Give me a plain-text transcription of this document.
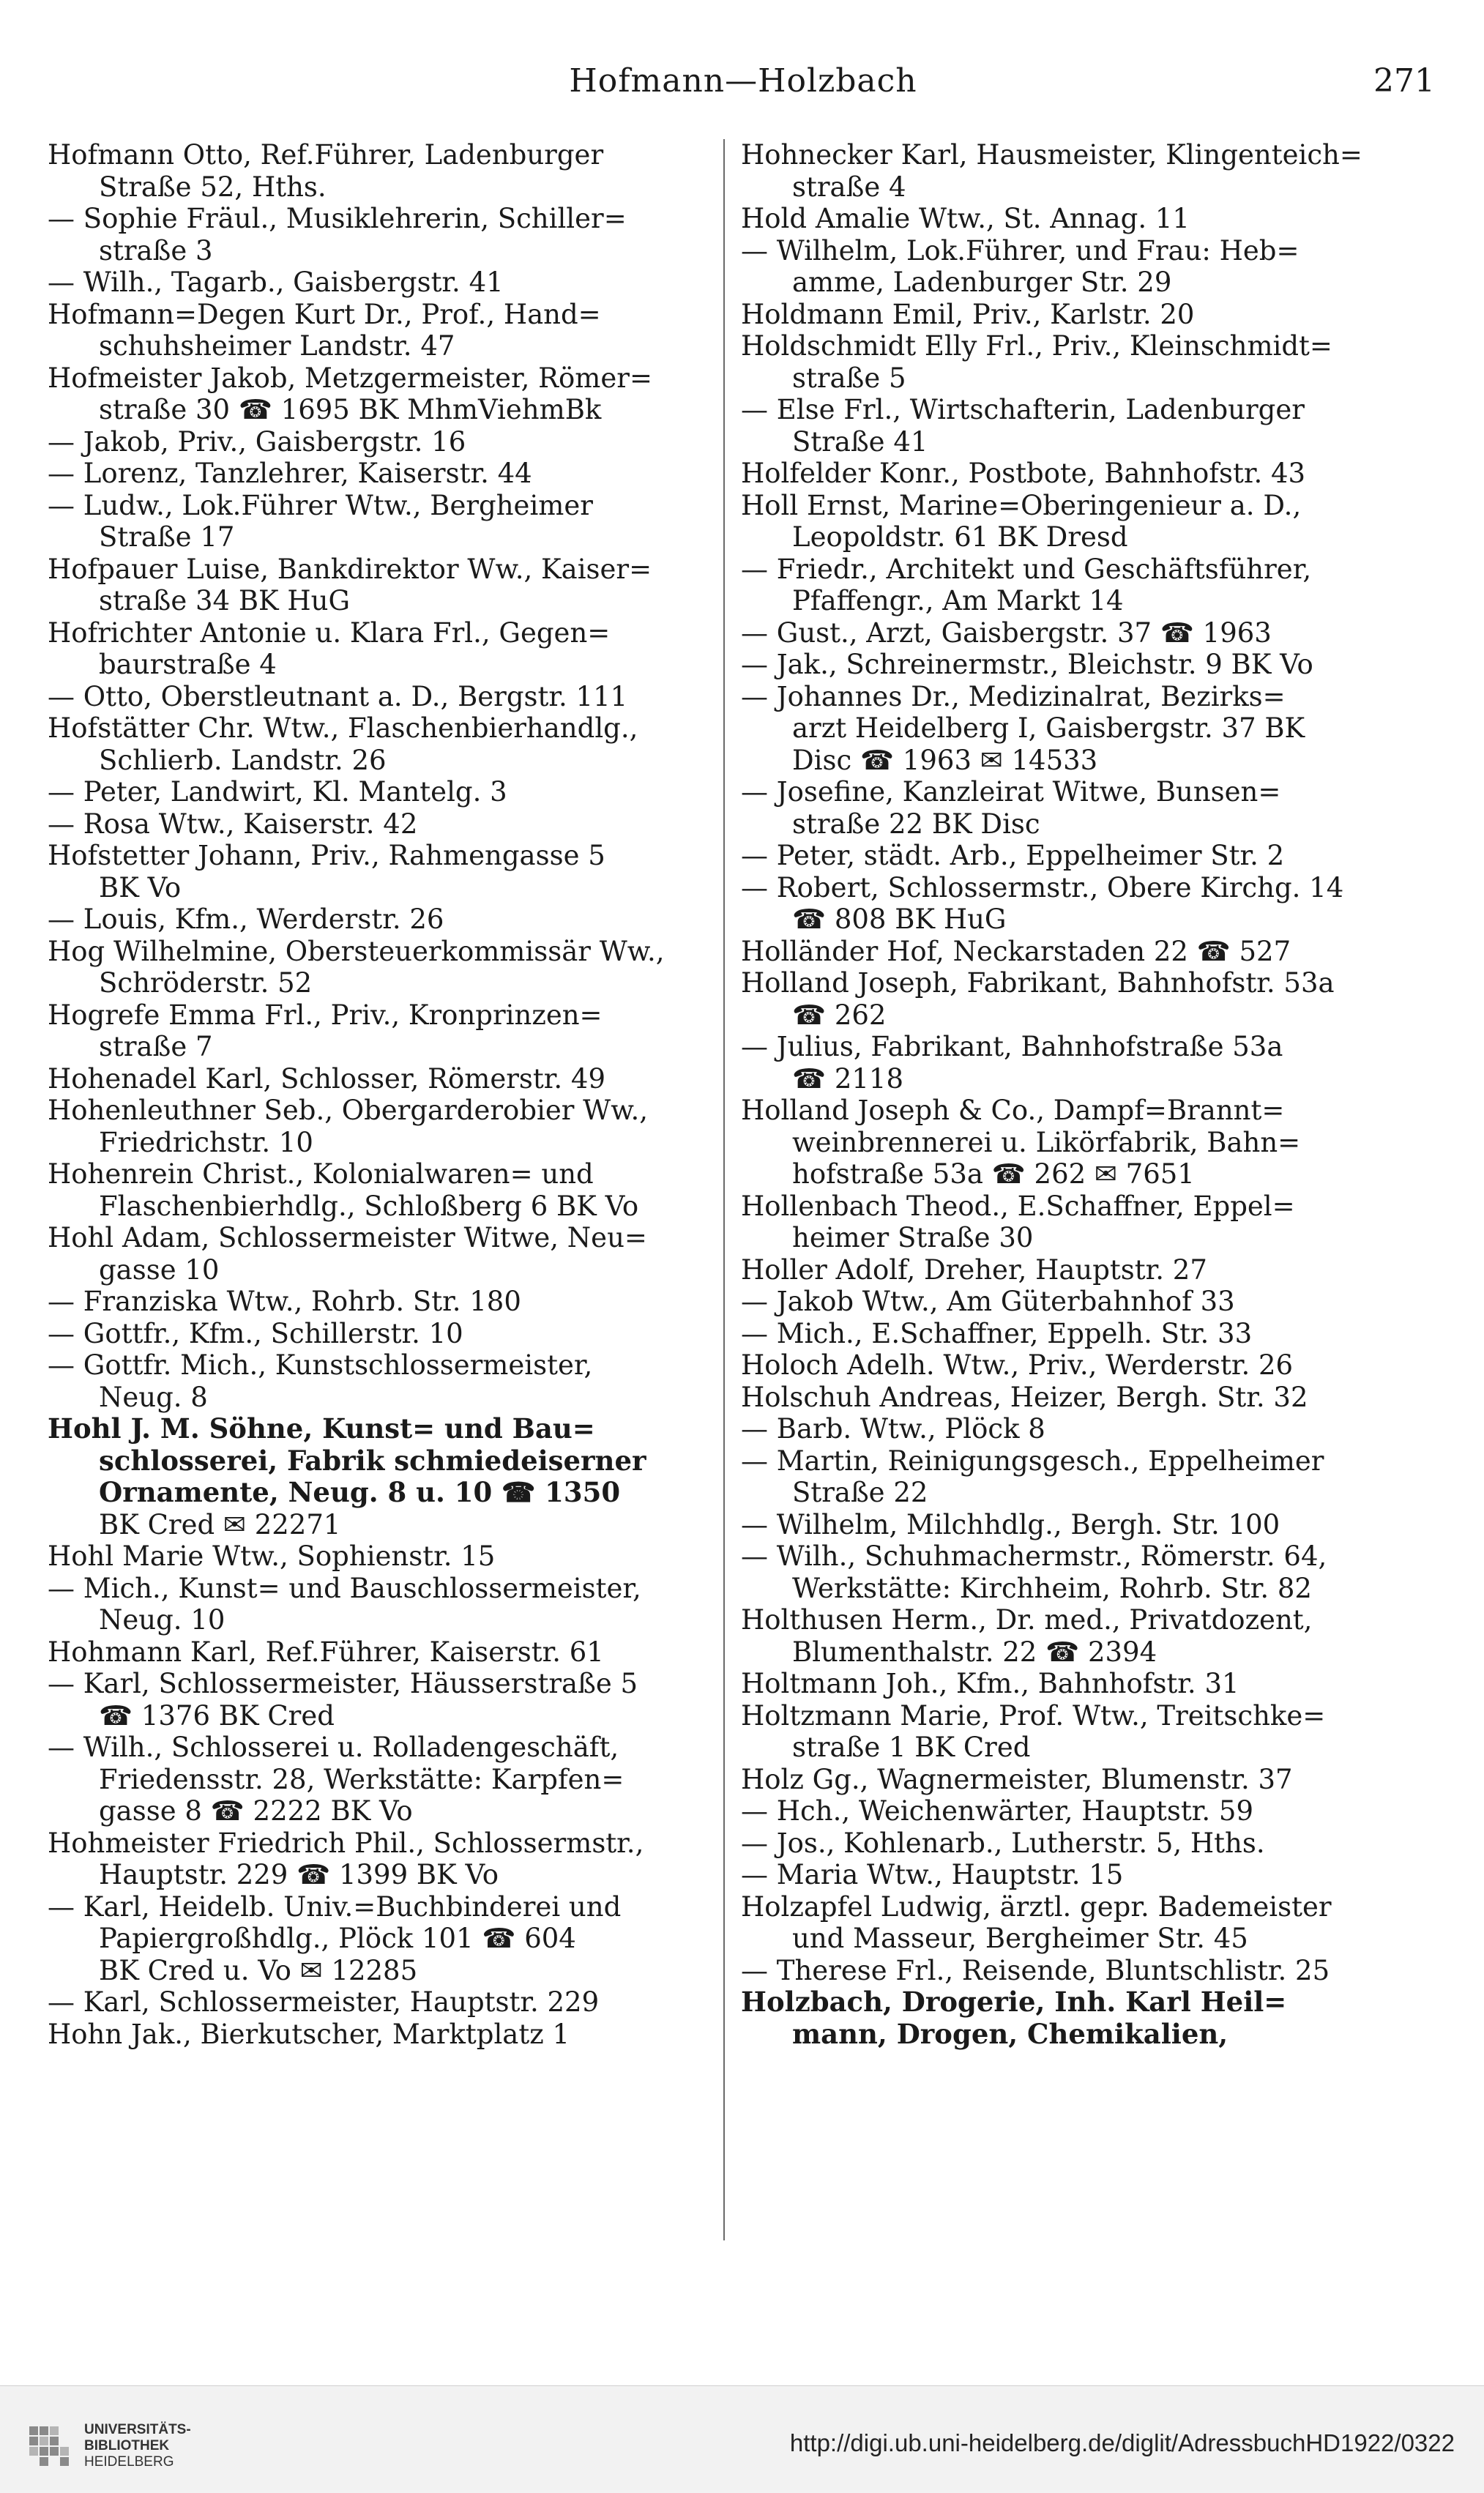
Hofmann—Holzbach	271
Hofmann Otto, Ref.Führer, Ladenburger
Straße 52, Hths.
— Sophie Fräul., Musiklehrerin, Schiller=
straße 3
— Wilh., Tagarb., Gaisbergstr. 41
Hofmann=Degen Kurt Dr., Prof., Hand=
schuhsheimer Landstr. 47
Hofmeister Jakob, Metzgermeister, Römer=
straße 30 ☎ 1695 BK MhmViehmBk
— Jakob, Priv., Gaisbergstr. 16
— Lorenz, Tanzlehrer, Kaiserstr. 44
— Ludw., Lok.Führer Wtw., Bergheimer
Straße 17
Hofpauer Luise, Bankdirektor Ww., Kaiser=
straße 34 BK HuG
Hofrichter Antonie u. Klara Frl., Gegen=
baurstraße 4
— Otto, Oberstleutnant a. D., Bergstr. 111
Hofstätter Chr. Wtw., Flaschenbierhandlg.,
Schlierb. Landstr. 26
— Peter, Landwirt, Kl. Mantelg. 3
— Rosa Wtw., Kaiserstr. 42
Hofstetter Johann, Priv., Rahmengasse 5
BK Vo
— Louis, Kfm., Werderstr. 26
Hog Wilhelmine, Obersteuerkommissär Ww.,
Schröderstr. 52
Hogrefe Emma Frl., Priv., Kronprinzen=
straße 7
Hohenadel Karl, Schlosser, Römerstr. 49
Hohenleuthner Seb., Obergarderobier Ww.,
Friedrichstr. 10
Hohenrein Christ., Kolonialwaren= und
Flaschenbierhdlg., Schloßberg 6 BK Vo
Hohl Adam, Schlossermeister Witwe, Neu=
gasse 10
— Franziska Wtw., Rohrb. Str. 180
— Gottfr., Kfm., Schillerstr. 10
— Gottfr. Mich., Kunstschlossermeister,
Neug. 8
Hohl J. M. Söhne, Kunst= und Bau=
schlosserei, Fabrik schmiedeiserner
Ornamente, Neug. 8 u. 10 ☎ 1350
BK Cred ✉ 22271
Hohl Marie Wtw., Sophienstr. 15
— Mich., Kunst= und Bauschlossermeister,
Neug. 10
Hohmann Karl, Ref.Führer, Kaiserstr. 61
— Karl, Schlossermeister, Häusserstraße 5
☎ 1376 BK Cred
— Wilh., Schlosserei u. Rolladengeschäft,
Friedensstr. 28, Werkstätte: Karpfen=
gasse 8 ☎ 2222 BK Vo
Hohmeister Friedrich Phil., Schlossermstr.,
Hauptstr. 229 ☎ 1399 BK Vo
— Karl, Heidelb. Univ.=Buchbinderei und
Papiergroßhdlg., Plöck 101 ☎ 604
BK Cred u. Vo ✉ 12285
— Karl, Schlossermeister, Hauptstr. 229
Hohn Jak., Bierkutscher, Marktplatz 1
Hohnecker Karl, Hausmeister, Klingenteich=
straße 4
Hold Amalie Wtw., St. Annag. 11
— Wilhelm, Lok.Führer, und Frau: Heb=
amme, Ladenburger Str. 29
Holdmann Emil, Priv., Karlstr. 20
Holdschmidt Elly Frl., Priv., Kleinschmidt=
straße 5
— Else Frl., Wirtschafterin, Ladenburger
Straße 41
Holfelder Konr., Postbote, Bahnhofstr. 43
Holl Ernst, Marine=Oberingenieur a. D.,
Leopoldstr. 61 BK Dresd
— Friedr., Architekt und Geschäftsführer,
Pfaffengr., Am Markt 14
— Gust., Arzt, Gaisbergstr. 37 ☎ 1963
— Jak., Schreinermstr., Bleichstr. 9 BK Vo
— Johannes Dr., Medizinalrat, Bezirks=
arzt Heidelberg I, Gaisbergstr. 37 BK
Disc ☎ 1963 ✉ 14533
— Josefine, Kanzleirat Witwe, Bunsen=
straße 22 BK Disc
— Peter, städt. Arb., Eppelheimer Str. 2
— Robert, Schlossermstr., Obere Kirchg. 14
☎ 808 BK HuG
Holländer Hof, Neckarstaden 22 ☎ 527
Holland Joseph, Fabrikant, Bahnhofstr. 53a
☎ 262
— Julius, Fabrikant, Bahnhofstraße 53a
☎ 2118
Holland Joseph & Co., Dampf=Brannt=
weinbrennerei u. Likörfabrik, Bahn=
hofstraße 53a ☎ 262 ✉ 7651
Hollenbach Theod., E.Schaffner, Eppel=
heimer Straße 30
Holler Adolf, Dreher, Hauptstr. 27
— Jakob Wtw., Am Güterbahnhof 33
— Mich., E.Schaffner, Eppelh. Str. 33
Holoch Adelh. Wtw., Priv., Werderstr. 26
Holschuh Andreas, Heizer, Bergh. Str. 32
— Barb. Wtw., Plöck 8
— Martin, Reinigungsgesch., Eppelheimer
Straße 22
— Wilhelm, Milchhdlg., Bergh. Str. 100
— Wilh., Schuhmachermstr., Römerstr. 64,
Werkstätte: Kirchheim, Rohrb. Str. 82
Holthusen Herm., Dr. med., Privatdozent,
Blumenthalstr. 22 ☎ 2394
Holtmann Joh., Kfm., Bahnhofstr. 31
Holtzmann Marie, Prof. Wtw., Treitschke=
straße 1 BK Cred
Holz Gg., Wagnermeister, Blumenstr. 37
— Hch., Weichenwärter, Hauptstr. 59
— Jos., Kohlenarb., Lutherstr. 5, Hths.
— Maria Wtw., Hauptstr. 15
Holzapfel Ludwig, ärztl. gepr. Bademeister
und Masseur, Bergheimer Str. 45
— Therese Frl., Reisende, Bluntschlistr. 25
Holzbach, Drogerie, Inh. Karl Heil=
mann, Drogen, Chemikalien,
UNIVERSITÄTS-
BIBLIOTHEK
HEIDELBERG
http://digi.ub.uni-heidelberg.de/diglit/AdressbuchHD1922/0322
